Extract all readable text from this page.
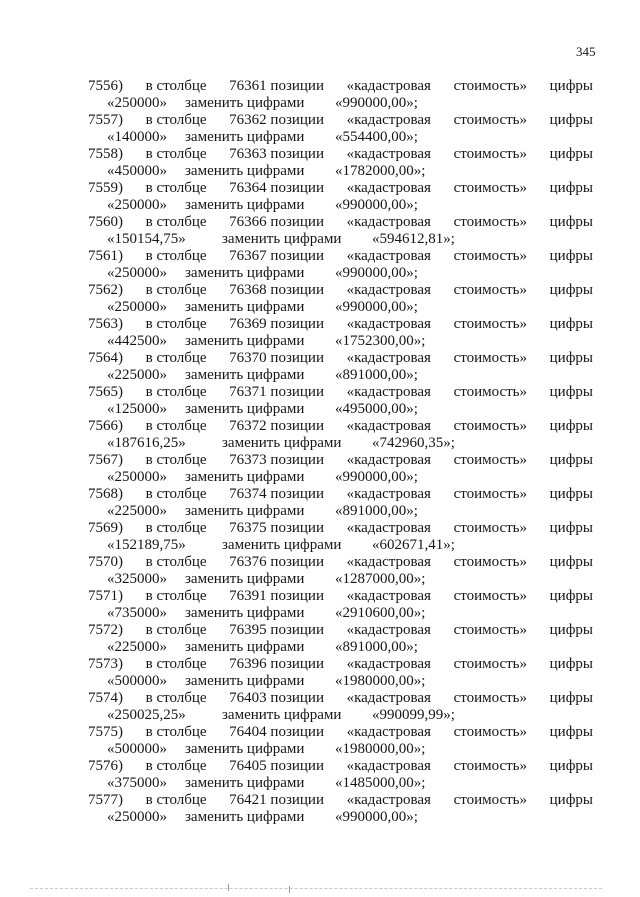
345
7556) в столбце 76361 позиции «кадастровая стоимость» цифры
«250000» заменить цифрами «990000,00»;
7557) в столбце 76362 позиции «кадастровая стоимость» цифры
«140000» заменить цифрами «554400,00»;
7558) в столбце 76363 позиции «кадастровая стоимость» цифры
«450000» заменить цифрами «1782000,00»;
7559) в столбце 76364 позиции «кадастровая стоимость» цифры
«250000» заменить цифрами «990000,00»;
7560) в столбце 76366 позиции «кадастровая стоимость» цифры
«150154,75» заменить цифрами «594612,81»;
7561) в столбце 76367 позиции «кадастровая стоимость» цифры
«250000» заменить цифрами «990000,00»;
7562) в столбце 76368 позиции «кадастровая стоимость» цифры
«250000» заменить цифрами «990000,00»;
7563) в столбце 76369 позиции «кадастровая стоимость» цифры
«442500» заменить цифрами «1752300,00»;
7564) в столбце 76370 позиции «кадастровая стоимость» цифры
«225000» заменить цифрами «891000,00»;
7565) в столбце 76371 позиции «кадастровая стоимость» цифры
«125000» заменить цифрами «495000,00»;
7566) в столбце 76372 позиции «кадастровая стоимость» цифры
«187616,25» заменить цифрами «742960,35»;
7567) в столбце 76373 позиции «кадастровая стоимость» цифры
«250000» заменить цифрами «990000,00»;
7568) в столбце 76374 позиции «кадастровая стоимость» цифры
«225000» заменить цифрами «891000,00»;
7569) в столбце 76375 позиции «кадастровая стоимость» цифры
«152189,75» заменить цифрами «602671,41»;
7570) в столбце 76376 позиции «кадастровая стоимость» цифры
«325000» заменить цифрами «1287000,00»;
7571) в столбце 76391 позиции «кадастровая стоимость» цифры
«735000» заменить цифрами «2910600,00»;
7572) в столбце 76395 позиции «кадастровая стоимость» цифры
«225000» заменить цифрами «891000,00»;
7573) в столбце 76396 позиции «кадастровая стоимость» цифры
«500000» заменить цифрами «1980000,00»;
7574) в столбце 76403 позиции «кадастровая стоимость» цифры
«250025,25» заменить цифрами «990099,99»;
7575) в столбце 76404 позиции «кадастровая стоимость» цифры
«500000» заменить цифрами «1980000,00»;
7576) в столбце 76405 позиции «кадастровая стоимость» цифры
«375000» заменить цифрами «1485000,00»;
7577) в столбце 76421 позиции «кадастровая стоимость» цифры
«250000» заменить цифрами «990000,00»;
